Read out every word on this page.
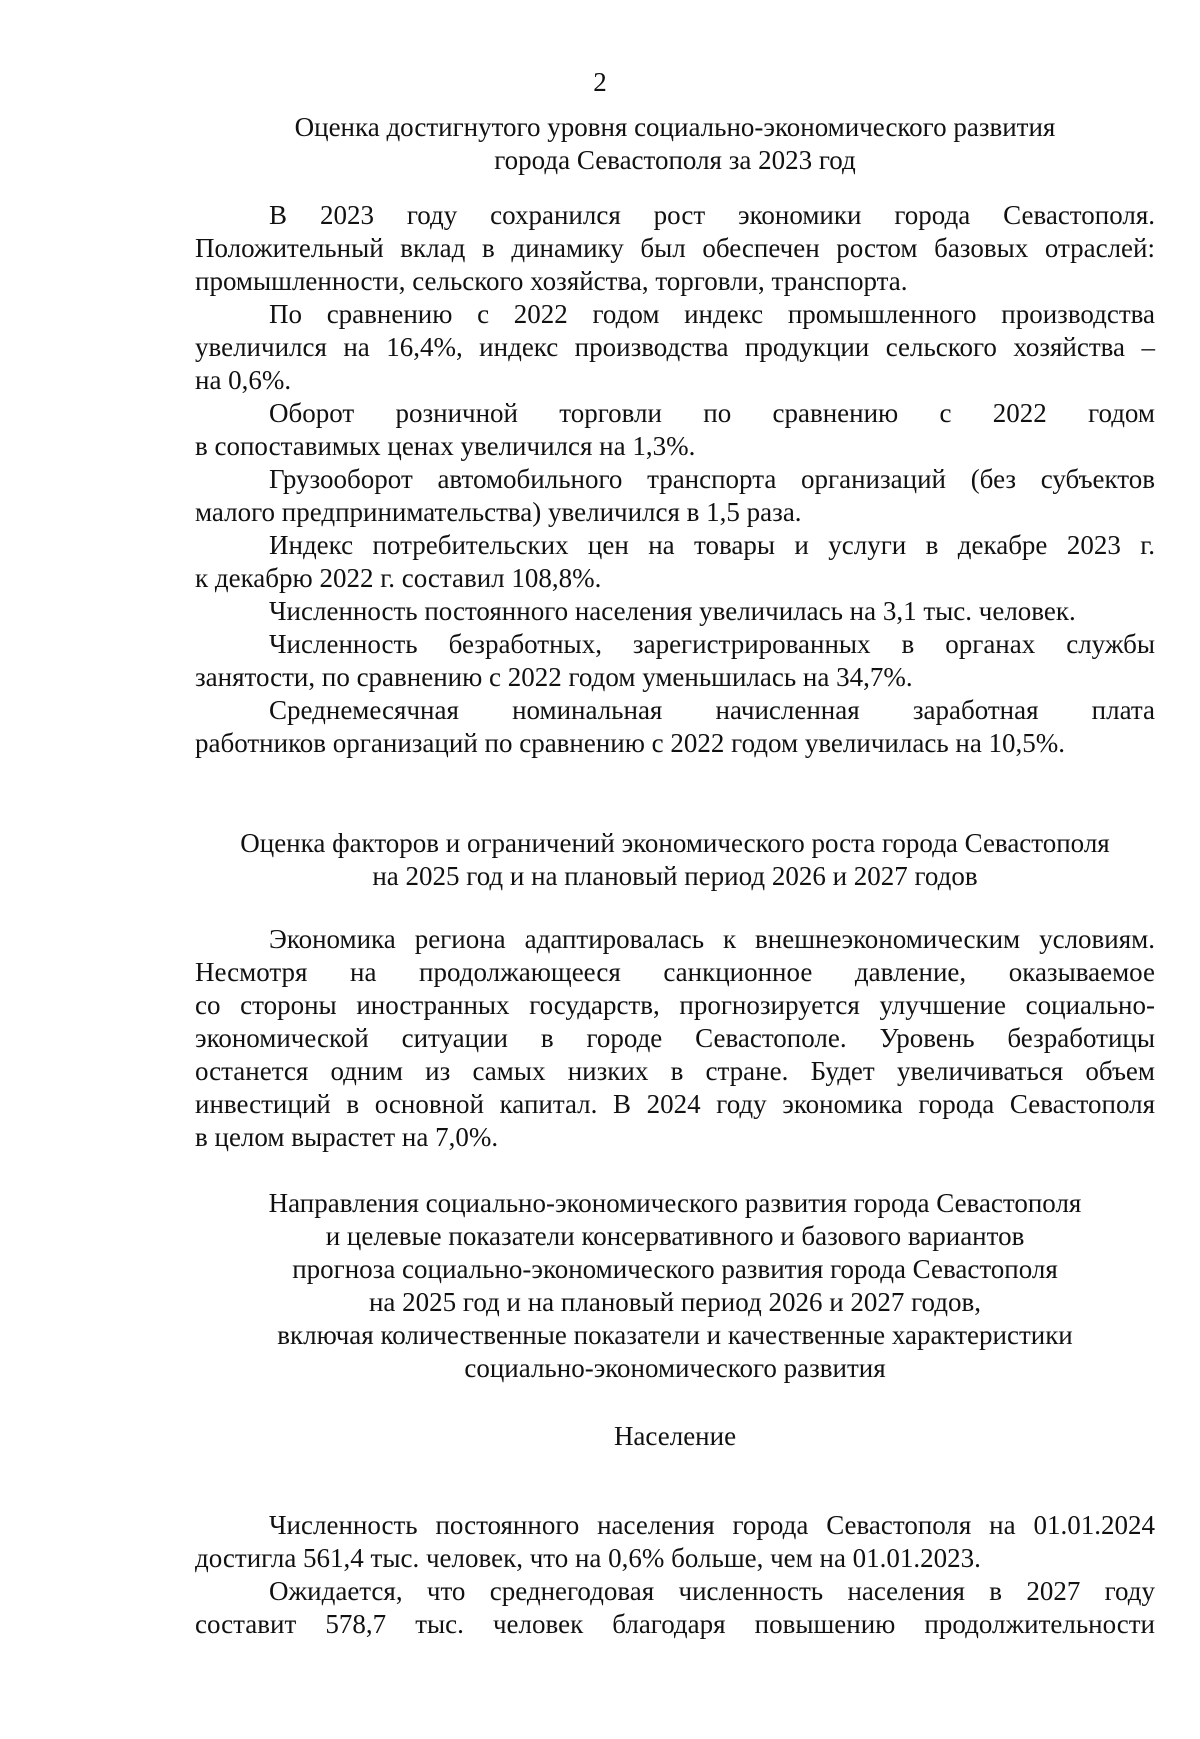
2
Оценка достигнутого уровня социально-экономического развития
города Севастополя за 2023 год
В 2023 году сохранился рост экономики города Севастополя.
Положительный вклад в динамику был обеспечен ростом базовых отраслей:
промышленности, сельского хозяйства, торговли, транспорта.
По сравнению с 2022 годом индекс промышленного производства
увеличился на 16,4%, индекс производства продукции сельского хозяйства –
на 0,6%.
Оборот розничной торговли по сравнению с 2022 годом
в сопоставимых ценах увеличился на 1,3%.
Грузооборот автомобильного транспорта организаций (без субъектов
малого предпринимательства) увеличился в 1,5 раза.
Индекс потребительских цен на товары и услуги в декабре 2023 г.
к декабрю 2022 г. составил 108,8%.
Численность постоянного населения увеличилась на 3,1 тыс. человек.
Численность безработных, зарегистрированных в органах службы
занятости, по сравнению с 2022 годом уменьшилась на 34,7%.
Среднемесячная номинальная начисленная заработная плата
работников организаций по сравнению с 2022 годом увеличилась на 10,5%.
Оценка факторов и ограничений экономического роста города Севастополя
на 2025 год и на плановый период 2026 и 2027 годов
Экономика региона адаптировалась к внешнеэкономическим условиям.
Несмотря на продолжающееся санкционное давление, оказываемое
со стороны иностранных государств, прогнозируется улучшение социально-
экономической ситуации в городе Севастополе. Уровень безработицы
останется одним из самых низких в стране. Будет увеличиваться объем
инвестиций в основной капитал. В 2024 году экономика города Севастополя
в целом вырастет на 7,0%.
Направления социально-экономического развития города Севастополя
и целевые показатели консервативного и базового вариантов
прогноза социально-экономического развития города Севастополя
на 2025 год и на плановый период 2026 и 2027 годов,
включая количественные показатели и качественные характеристики
социально-экономического развития
Население
Численность постоянного населения города Севастополя на 01.01.2024
достигла 561,4 тыс. человек, что на 0,6% больше, чем на 01.01.2023.
Ожидается, что среднегодовая численность населения в 2027 году
составит 578,7 тыс. человек благодаря повышению продолжительности
